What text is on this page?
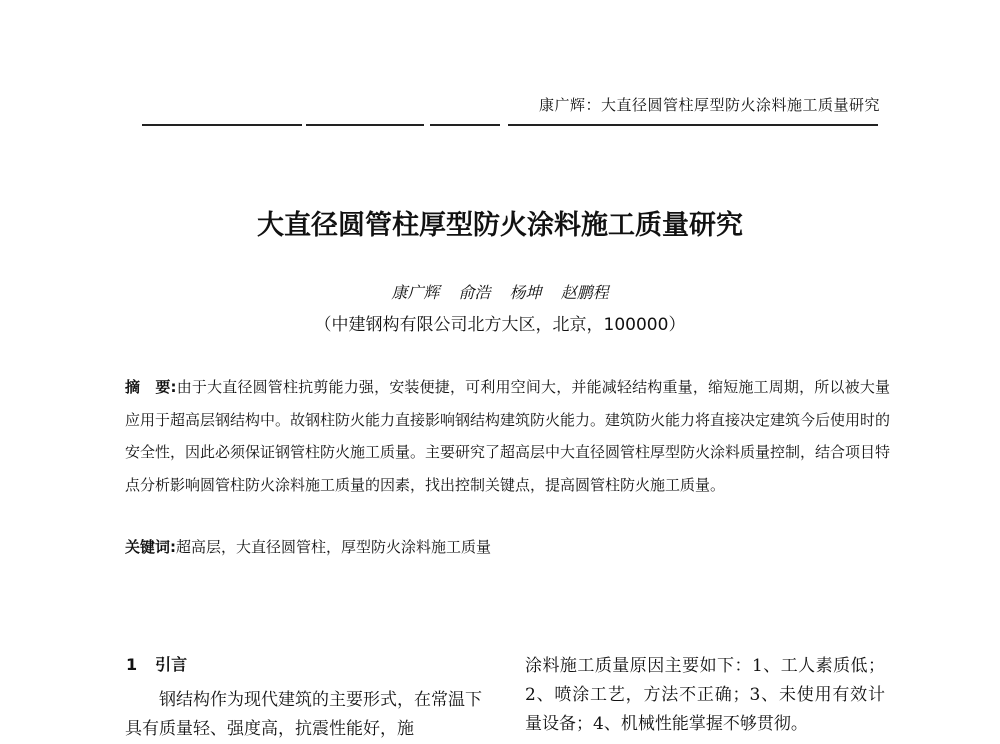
康广辉：大直径圆管柱厚型防火涂料施工质量研究
大直径圆管柱厚型防火涂料施工质量研究
康广辉 俞浩 杨坤 赵鹏程
（中建钢构有限公司北方大区，北京，100000）

摘　要:由于大直径圆管柱抗剪能力强，安装便捷，可利用空间大，并能减轻结构重量，缩短施工周期，所以被大量应用于超高层钢结构中。故钢柱防火能力直接影响钢结构建筑防火能力。建筑防火能力将直接决定建筑今后使用时的安全性，因此必须保证钢管柱防火施工质量。主要研究了超高层中大直径圆管柱厚型防火涂料质量控制，结合项目特点分析影响圆管柱防火涂料施工质量的因素，找出控制关键点，提高圆管柱防火施工质量。

关键词:超高层，大直径圆管柱，厚型防火涂料施工质量

1 引言

　　钢结构作为现代建筑的主要形式，在常温下具有质量轻、强度高，抗震性能好，施

涂料施工质量原因主要如下：1、工人素质低；2、喷涂工艺，方法不正确；3、未使用有效计量设备；4、机械性能掌握不够贯彻。
